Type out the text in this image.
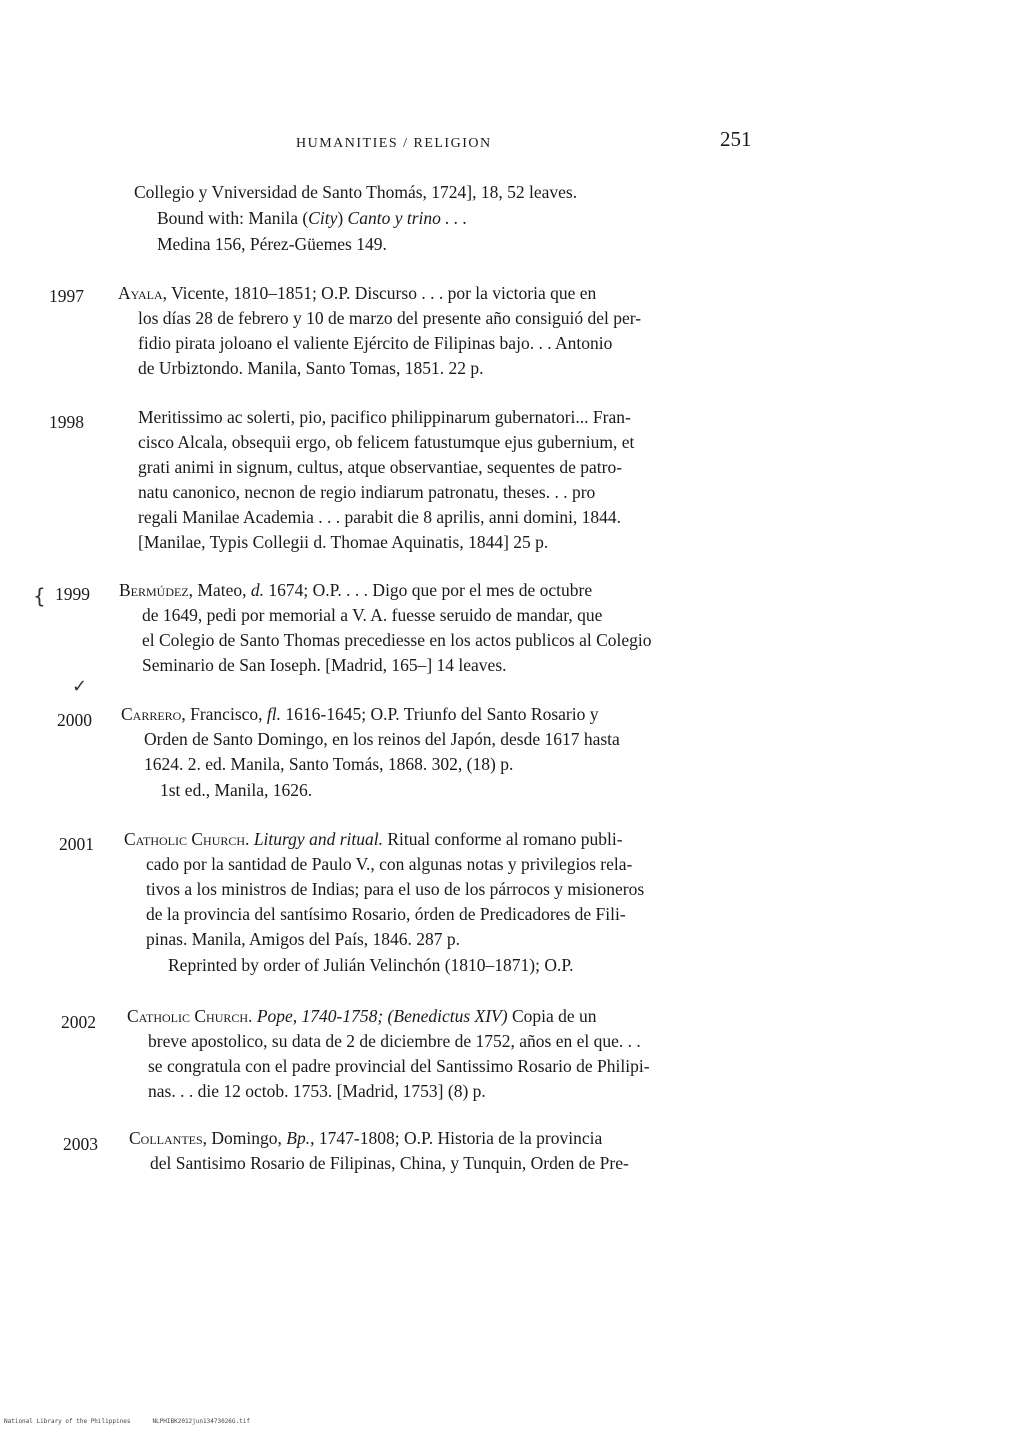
HUMANITIES / RELIGION	251
Collegio y Vniversidad de Santo Thomás, 1724], 18, 52 leaves.
Bound with: Manila (City) Canto y trino . . .
Medina 156, Pérez-Güemes 149.
1997 Ayala, Vicente, 1810–1851; O.P. Discurso . . . por la victoria que en
los días 28 de febrero y 10 de marzo del presente año consiguió del per-
fidio pirata joloano el valiente Ejército de Filipinas bajo. . . Antonio
de Urbiztondo. Manila, Santo Tomas, 1851. 22 p.
1998	Meritissimo ac solerti, pio, pacifico philippinarum gubernatori... Fran-
cisco Alcala, obsequii ergo, ob felicem fatustumque ejus gubernium, et
grati animi in signum, cultus, atque observantiae, sequentes de patro-
natu canonico, necnon de regio indiarum patronatu, theses. . . pro
regali Manilae Academia . . . parabit die 8 aprilis, anni domini, 1844.
[Manilae, Typis Collegii d. Thomae Aquinatis, 1844] 25 p.
{ 1999 Bermúdez, Mateo, d. 1674; O.P. . . . Digo que por el mes de octubre
de 1649, pedi por memorial a V. A. fuesse seruido de mandar, que
el Colegio de Santo Thomas precediesse en los actos publicos al Colegio
Seminario de San Ioseph. [Madrid, 165–] 14 leaves.
✓
2000 Carrero, Francisco, fl. 1616-1645; O.P. Triunfo del Santo Rosario y
Orden de Santo Domingo, en los reinos del Japón, desde 1617 hasta
1624. 2. ed. Manila, Santo Tomás, 1868. 302, (18) p.
1st ed., Manila, 1626.
2001 Catholic Church. Liturgy and ritual. Ritual conforme al romano publi-
cado por la santidad de Paulo V., con algunas notas y privilegios rela-
tivos a los ministros de Indias; para el uso de los párrocos y misioneros
de la provincia del santísimo Rosario, órden de Predicadores de Fili-
pinas. Manila, Amigos del País, 1846. 287 p.
Reprinted by order of Julián Velinchón (1810–1871); O.P.
2002 Catholic Church. Pope, 1740-1758; (Benedictus XIV) Copia de un
breve apostolico, su data de 2 de diciembre de 1752, años en el que. . .
se congratula con el padre provincial del Santissimo Rosario de Philipi-
nas. . . die 12 octob. 1753. [Madrid, 1753] (8) p.
2003 Collantes, Domingo, Bp., 1747-1808; O.P. Historia de la provincia
del Santisimo Rosario de Filipinas, China, y Tunquin, Orden de Pre-
National Library of the Philippines	NLPHIBK2012jun13473026G.tif
